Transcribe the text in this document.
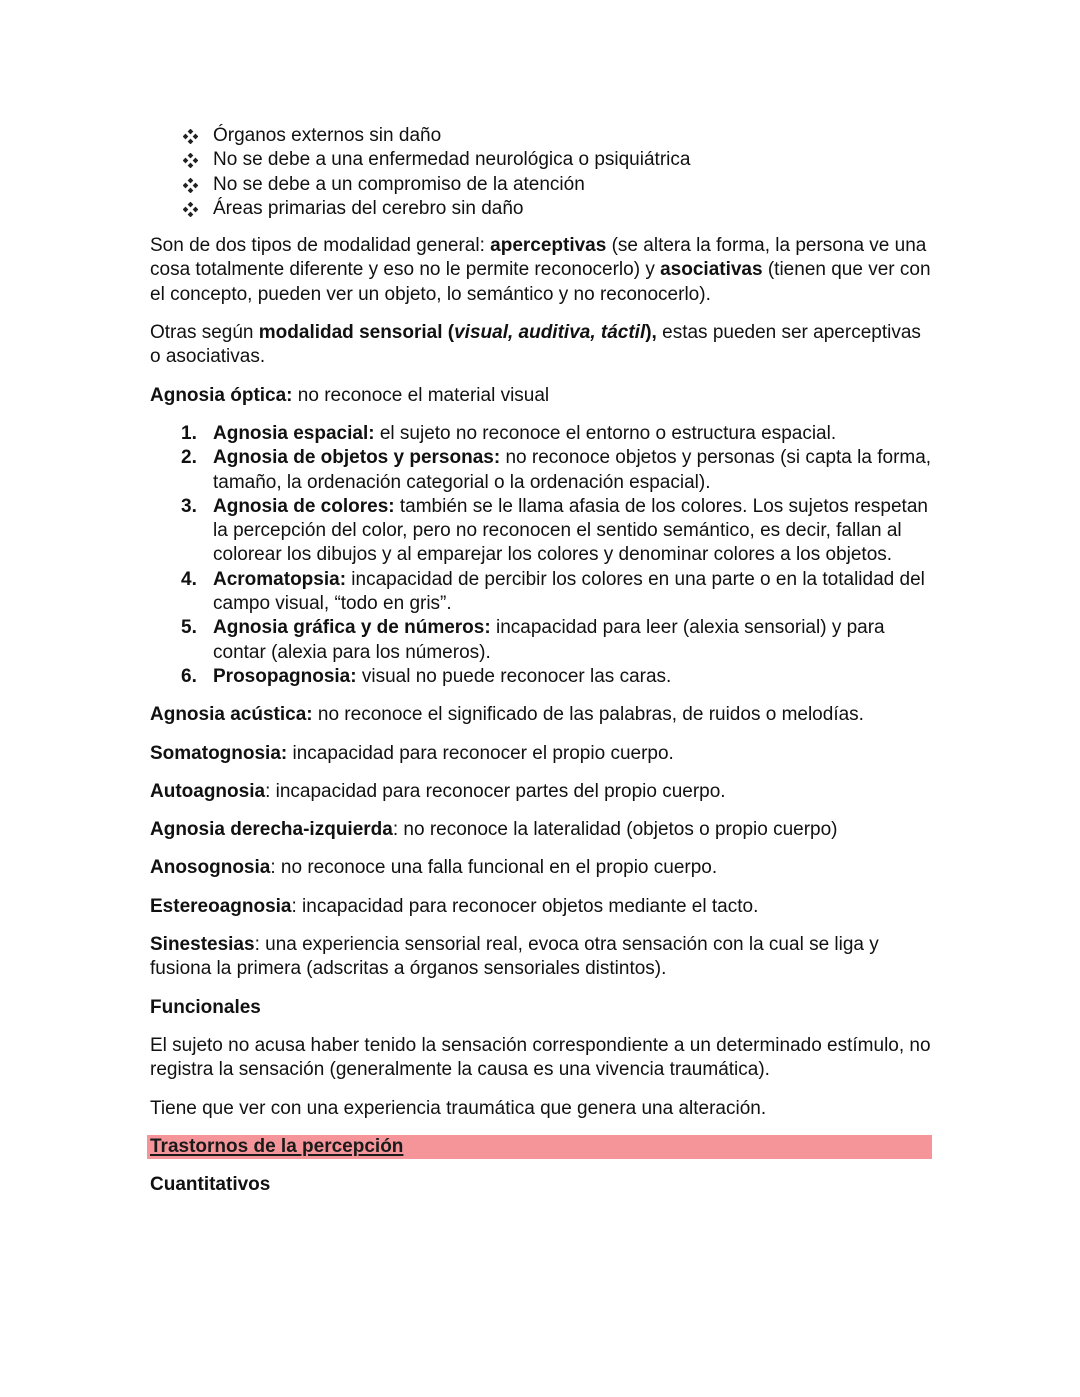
Órganos externos sin daño
No se debe a una enfermedad neurológica o psiquiátrica
No se debe a un compromiso de la atención
Áreas primarias del cerebro sin daño

Son de dos tipos de modalidad general: aperceptivas (se altera la forma, la persona ve una cosa totalmente diferente y eso no le permite reconocerlo) y asociativas (tienen que ver con el concepto, pueden ver un objeto, lo semántico y no reconocerlo).

Otras según modalidad sensorial (visual, auditiva, táctil), estas pueden ser aperceptivas o asociativas.

Agnosia óptica: no reconoce el material visual

1. Agnosia espacial: el sujeto no reconoce el entorno o estructura espacial.
2. Agnosia de objetos y personas: no reconoce objetos y personas (si capta la forma, tamaño, la ordenación categorial o la ordenación espacial).
3. Agnosia de colores: también se le llama afasia de los colores. Los sujetos respetan la percepción del color, pero no reconocen el sentido semántico, es decir, fallan al colorear los dibujos y al emparejar los colores y denominar colores a los objetos.
4. Acromatopsia: incapacidad de percibir los colores en una parte o en la totalidad del campo visual, “todo en gris”.
5. Agnosia gráfica y de números: incapacidad para leer (alexia sensorial) y para contar (alexia para los números).
6. Prosopagnosia: visual no puede reconocer las caras.

Agnosia acústica: no reconoce el significado de las palabras, de ruidos o melodías.

Somatognosia: incapacidad para reconocer el propio cuerpo.

Autoagnosia: incapacidad para reconocer partes del propio cuerpo.

Agnosia derecha-izquierda: no reconoce la lateralidad (objetos o propio cuerpo)

Anosognosia: no reconoce una falla funcional en el propio cuerpo.

Estereoagnosia: incapacidad para reconocer objetos mediante el tacto.

Sinestesias: una experiencia sensorial real, evoca otra sensación con la cual se liga y fusiona la primera (adscritas a órganos sensoriales distintos).

Funcionales

El sujeto no acusa haber tenido la sensación correspondiente a un determinado estímulo, no registra la sensación (generalmente la causa es una vivencia traumática).

Tiene que ver con una experiencia traumática que genera una alteración.

Trastornos de la percepción

Cuantitativos
